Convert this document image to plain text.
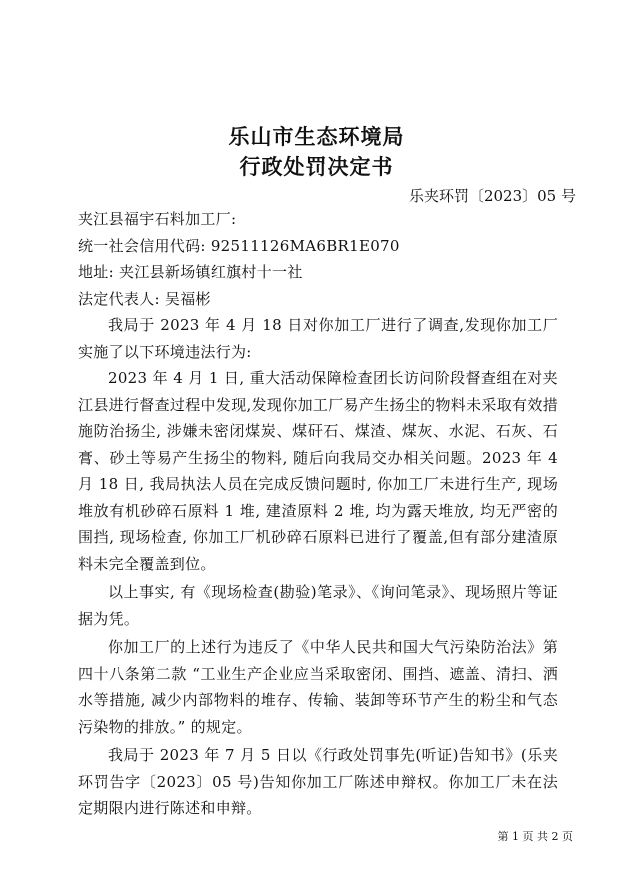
乐山市生态环境局
行政处罚决定书
乐夹环罚〔2023〕05 号

夹江县福宇石料加工厂:

统一社会信用代码: 92511126MA6BR1E070

地址: 夹江县新场镇红旗村十一社

法定代表人: 吴福彬

我局于 2023 年 4 月 18 日对你加工厂进行了调查,发现你加工厂实施了以下环境违法行为:

2023 年 4 月 1 日, 重大活动保障检查团长访问阶段督查组在对夹江县进行督查过程中发现,发现你加工厂易产生扬尘的物料未采取有效措施防治扬尘, 涉嫌未密闭煤炭、煤矸石、煤渣、煤灰、水泥、石灰、石膏、砂土等易产生扬尘的物料, 随后向我局交办相关问题。2023 年 4 月 18 日, 我局执法人员在完成反馈问题时, 你加工厂未进行生产, 现场堆放有机砂碎石原料 1 堆, 建渣原料 2 堆, 均为露天堆放, 均无严密的围挡, 现场检查, 你加工厂机砂碎石原料已进行了覆盖,但有部分建渣原料未完全覆盖到位。

以上事实, 有《现场检查(勘验)笔录》、《询问笔录》、现场照片等证据为凭。

你加工厂的上述行为违反了《中华人民共和国大气污染防治法》第四十八条第二款 “工业生产企业应当采取密闭、围挡、遮盖、清扫、洒水等措施, 减少内部物料的堆存、传输、装卸等环节产生的粉尘和气态污染物的排放。” 的规定。

我局于 2023 年 7 月 5 日以《行政处罚事先(听证)告知书》(乐夹环罚告字〔2023〕05 号)告知你加工厂陈述申辩权。你加工厂未在法定期限内进行陈述和申辩。

第 1 页 共 2 页
